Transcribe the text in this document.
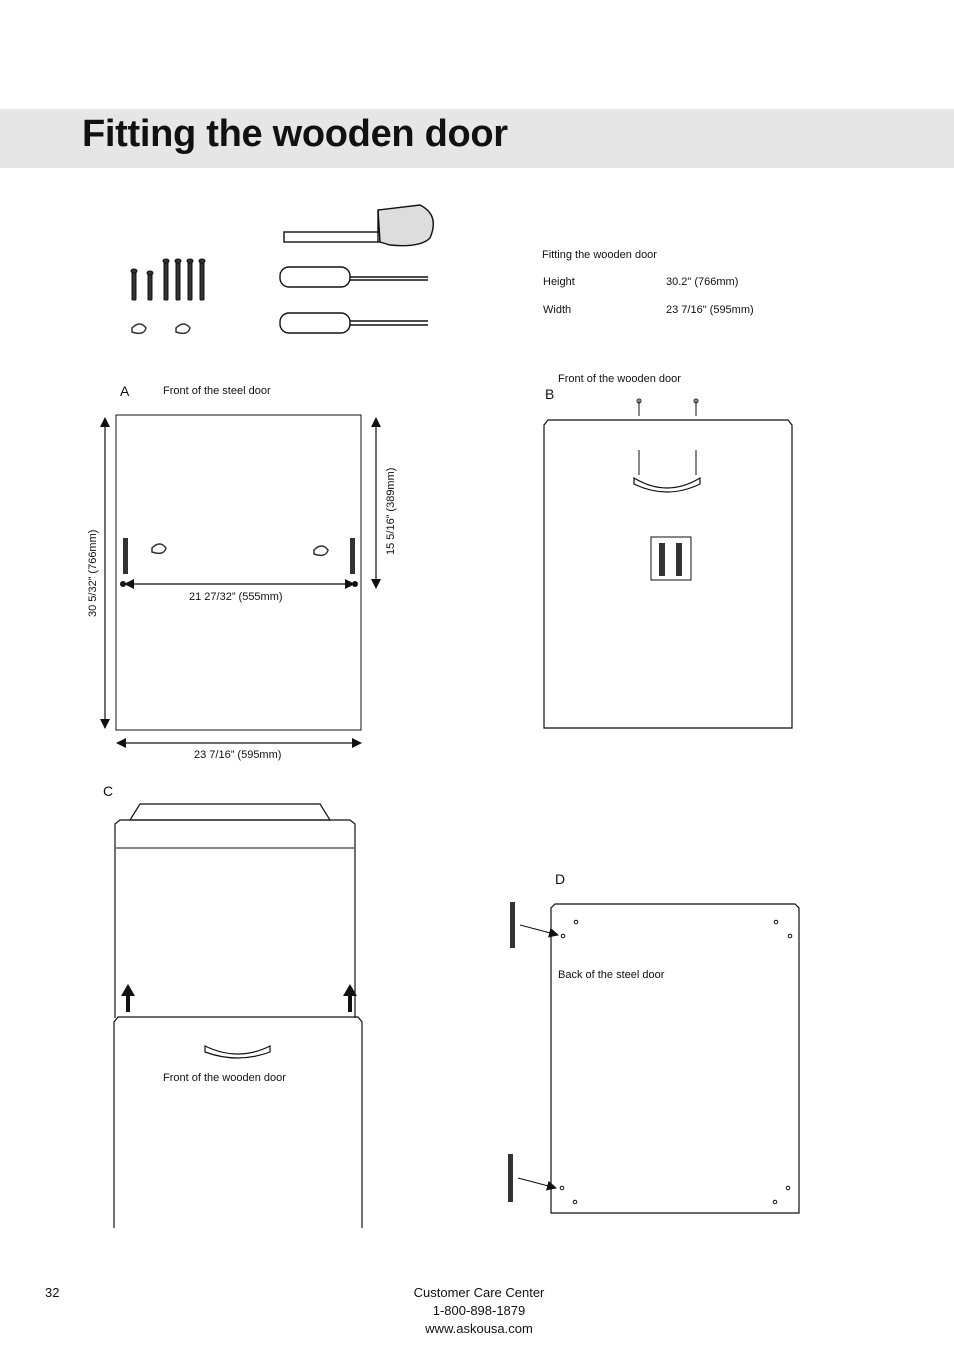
Fitting the wooden door
Fitting the wooden door
Height	30.2" (766mm)
Width	23 7/16" (595mm)
A	Front of the steel door
30 5/32” (766mm)
15 5/16” (389mm)
21 27/32” (555mm)
23 7/16” (595mm)
B
Front of the wooden door
C
Front of the wooden door
D
Back of the steel door
32	Customer Care Center
1-800-898-1879
www.askousa.com
